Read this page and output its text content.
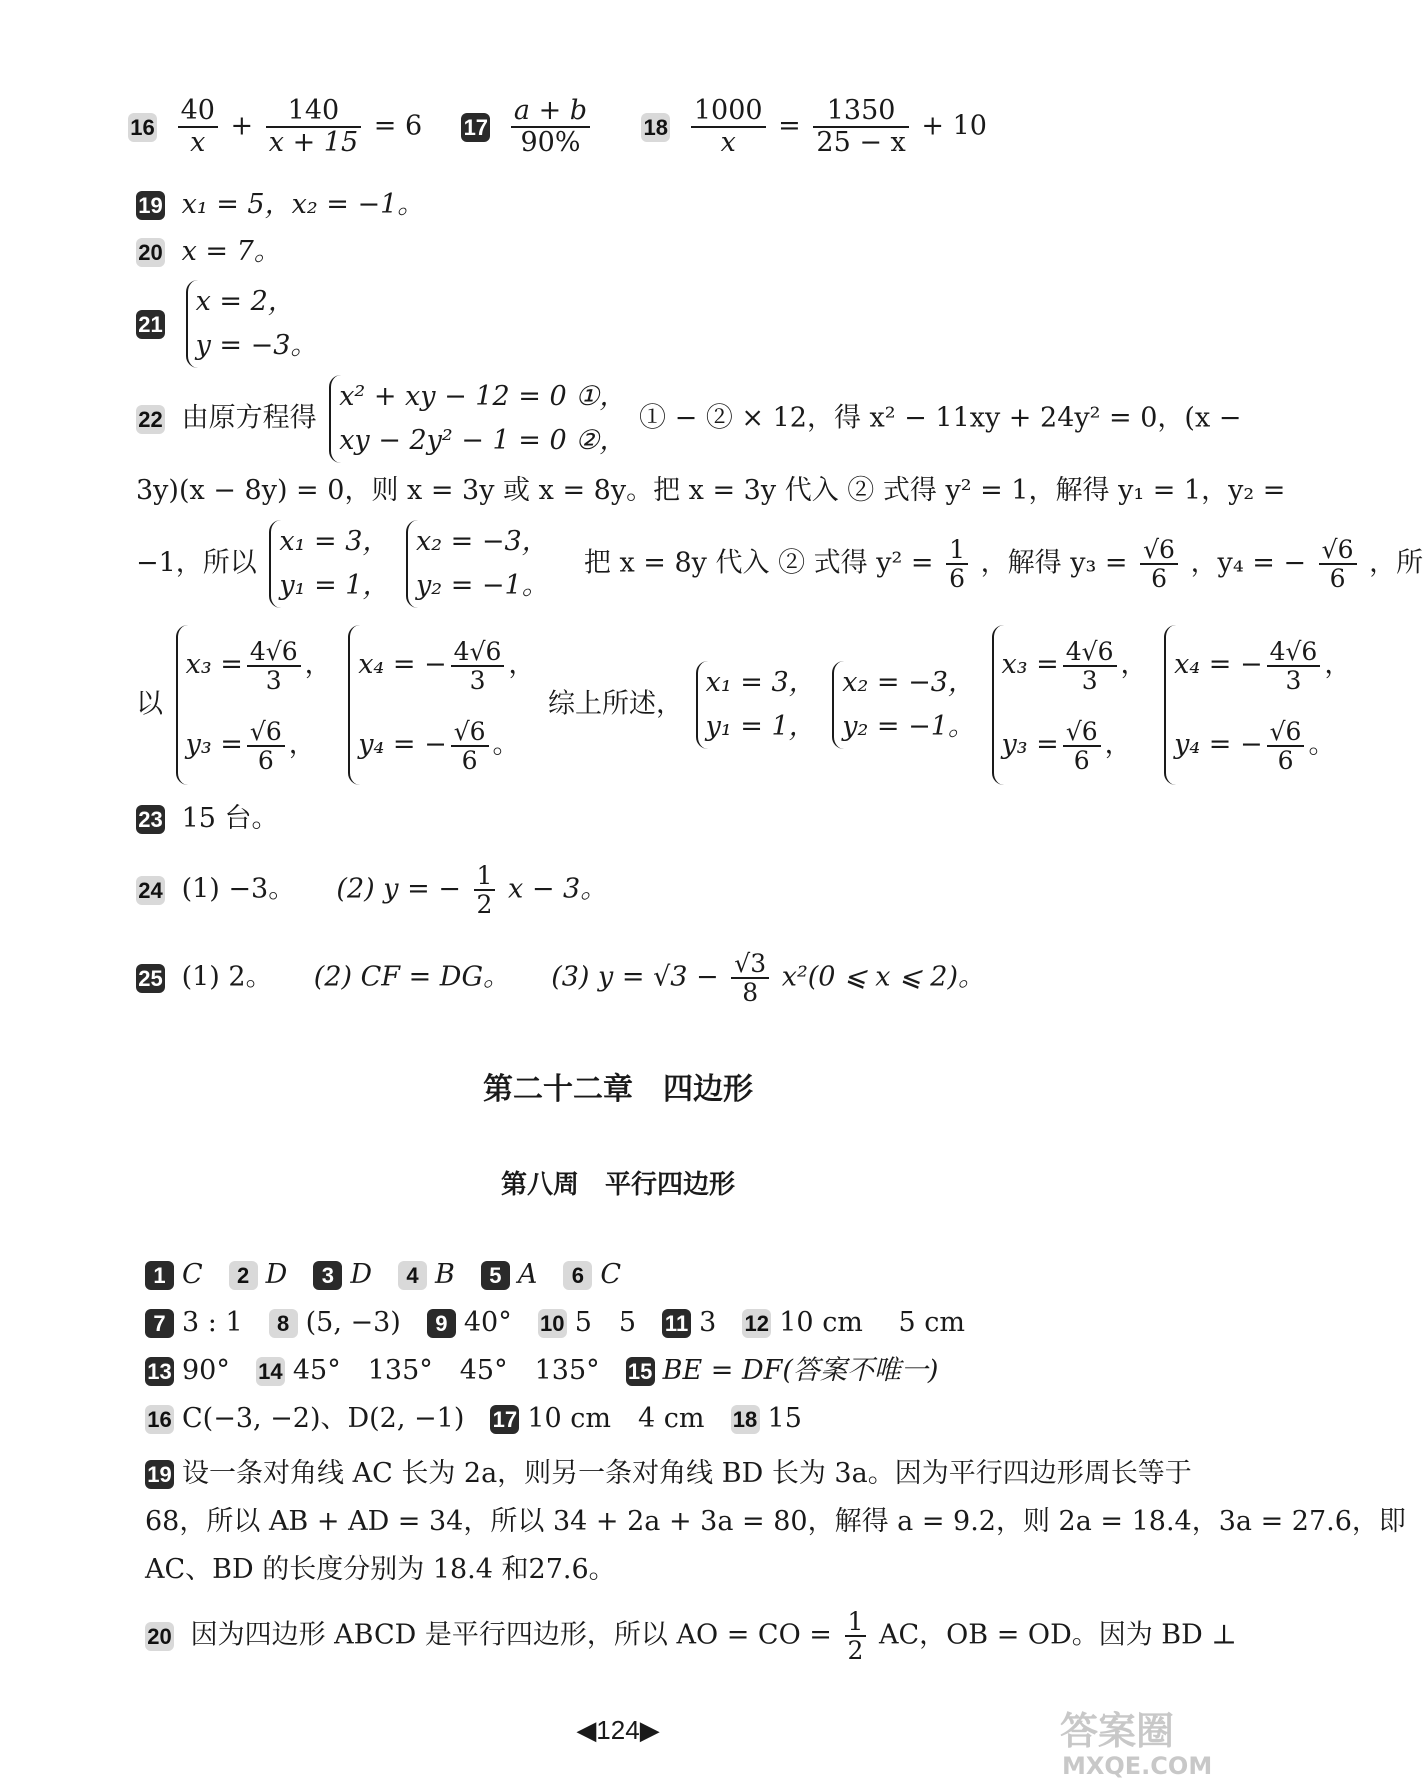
$16 \frac{40}{x} + \frac{140}{x + 15} = 6$ $17 \frac{a + b}{90\%} 18 \frac{1000}{x} = \frac{1350}{25 - x} + 10$
19 x₁ = 5，x₂ = −1。
20 x = 7。
21
x = 2，
y = −3。
22 由原方程得
x² + xy − 12 = 0 ①，
xy − 2y² − 1 = 0 ②，
① − ② × 12，得 x² − 11xy + 24y² = 0，(x −
3y)(x − 8y) = 0，则 x = 3y 或 x = 8y。把 x = 3y 代入 ② 式得 y² = 1，解得 y₁ = 1，y₂ =
−1，所以
x₁ = 3，
y₁ = 1，

x₂ = −3，
y₂ = −1。
把 x = 8y 代入 ② 式得 $y^2 = \frac{1}{6}$ ，解得 $y_3 = \frac{√6}{6}$ ，y₄ = − $\frac{√6}{6}$ ，所
以
$x_3 = \frac{4√6}{3}$ ，
$y_3 = \frac{√6}{6}$ ，

x₄ = − $\frac{4√6}{3}$ ，
y₄ = − $\frac{√6}{6}$ 。
综上所述，
x₁ = 3，
y₁ = 1，

x₂ = −3，
y₂ = −1。

$x_3 = \frac{4√6}{3}$ ，
$y_3 = \frac{√6}{6}$ ，

x₄ = − $\frac{4√6}{3}$ ，
y₄ = − $\frac{√6}{6}$ 。
23 15 台。
24 (1) −3。 (2) y = − $\frac{1}{2}$ x − 3。
25 (1) 2。 (2) CF = DG。 (3) $y = √3 - \frac{√3}{8} x^2(0$ ⩽ x ⩽ 2)。
第二十二章　四边形
第八周　平行四边形
1 C 2 D 3 D 4 B 5 A 6 C
7 3 : 1 8 (5, −3) 9 40° 10 5　5 11 3 12 10 cm　 5 cm
13 90° 14 45°　135°　45°　135° 15 BE = DF(答案不唯一)
16 C(−3, −2)、D(2, −1) 17 10 cm　4 cm 18 15
19 设一条对角线 AC 长为 2a，则另一条对角线 BD 长为 3a。因为平行四边形周长等于
68，所以 AB + AD = 34，所以 34 + 2a + 3a = 80，解得 a = 9.2，则 2a = 18.4，3a = 27.6，即
AC、BD 的长度分别为 18.4 和27.6。
20 因为四边形 ABCD 是平行四边形，所以 AO = CO = $\frac{1}{2}$ AC，OB = OD。因为 BD ⊥
◀124▶	答案圈
MXQE.COM
